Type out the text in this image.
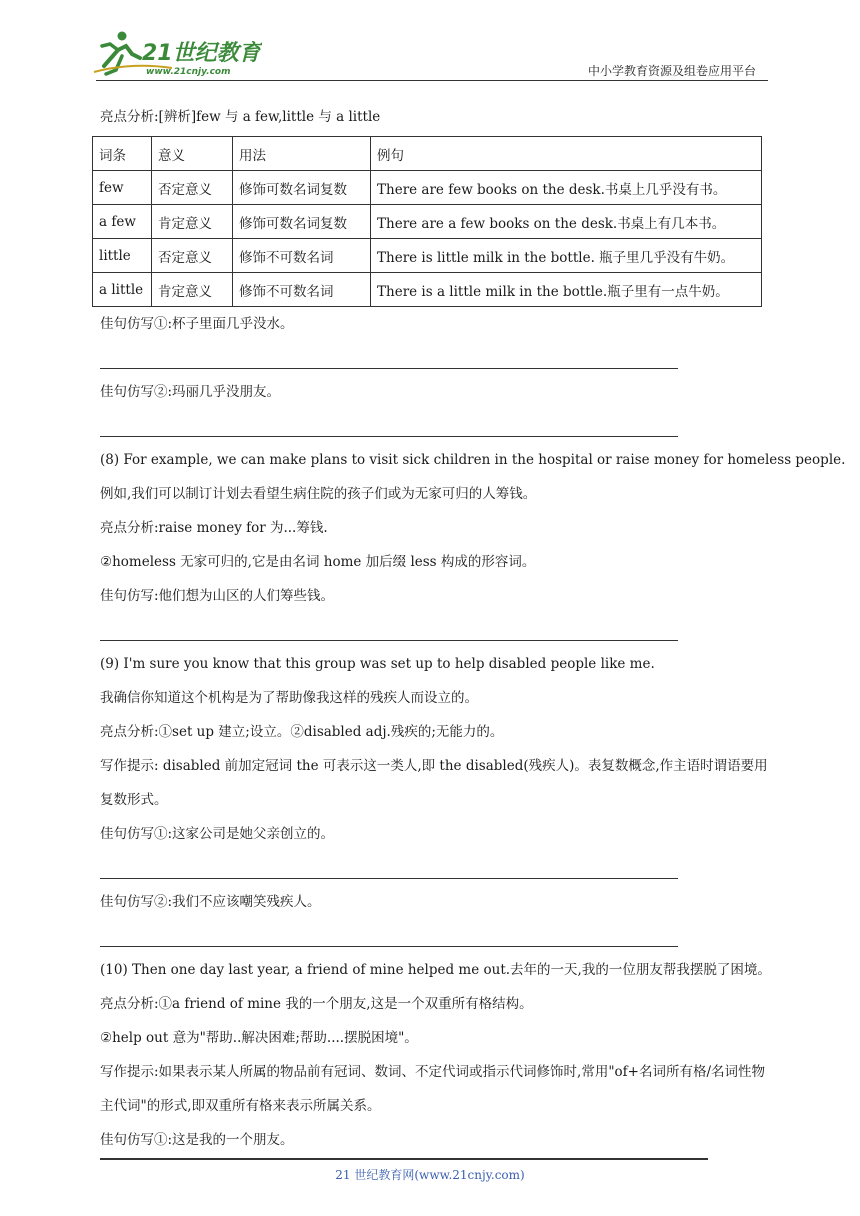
21世纪教育
www.21cnjy.com	中小学教育资源及组卷应用平台
亮点分析:[辨析]few 与 a few,little 与 a little
词条	意义	用法	例句
few	否定意义	修饰可数名词复数	There are few books on the desk.书桌上几乎没有书。
a few	肯定意义	修饰可数名词复数	There are a few books on the desk.书桌上有几本书。
little	否定意义	修饰不可数名词	There is little milk in the bottle. 瓶子里几乎没有牛奶。
a little	肯定意义	修饰不可数名词	There is a little milk in the bottle.瓶子里有一点牛奶。
佳句仿写①:杯子里面几乎没水。
佳句仿写②:玛丽几乎没朋友。
(8) For example, we can make plans to visit sick children in the hospital or raise money for homeless people.
例如,我们可以制订计划去看望生病住院的孩子们或为无家可归的人筹钱。
亮点分析:raise money for 为...筹钱.
②homeless 无家可归的,它是由名词 home 加后缀 less 构成的形容词。
佳句仿写:他们想为山区的人们筹些钱。
(9) I'm sure you know that this group was set up to help disabled people like me.
我确信你知道这个机构是为了帮助像我这样的残疾人而设立的。
亮点分析:①set up 建立;设立。②disabled adj.残疾的;无能力的。
写作提示: disabled 前加定冠词 the 可表示这一类人,即 the disabled(残疾人)。表复数概念,作主语时谓语要用复数形式。
佳句仿写①:这家公司是她父亲创立的。
佳句仿写②:我们不应该嘲笑残疾人。
(10) Then one day last year, a friend of mine helped me out.去年的一天,我的一位朋友帮我摆脱了困境。
亮点分析:①a friend of mine 我的一个朋友,这是一个双重所有格结构。
②help out 意为"帮助..解决困难;帮助....摆脱困境"。
写作提示:如果表示某人所属的物品前有冠词、数词、不定代词或指示代词修饰时,常用"of+名词所有格/名词性物主代词"的形式,即双重所有格来表示所属关系。
佳句仿写①:这是我的一个朋友。
21 世纪教育网(www.21cnjy.com)
